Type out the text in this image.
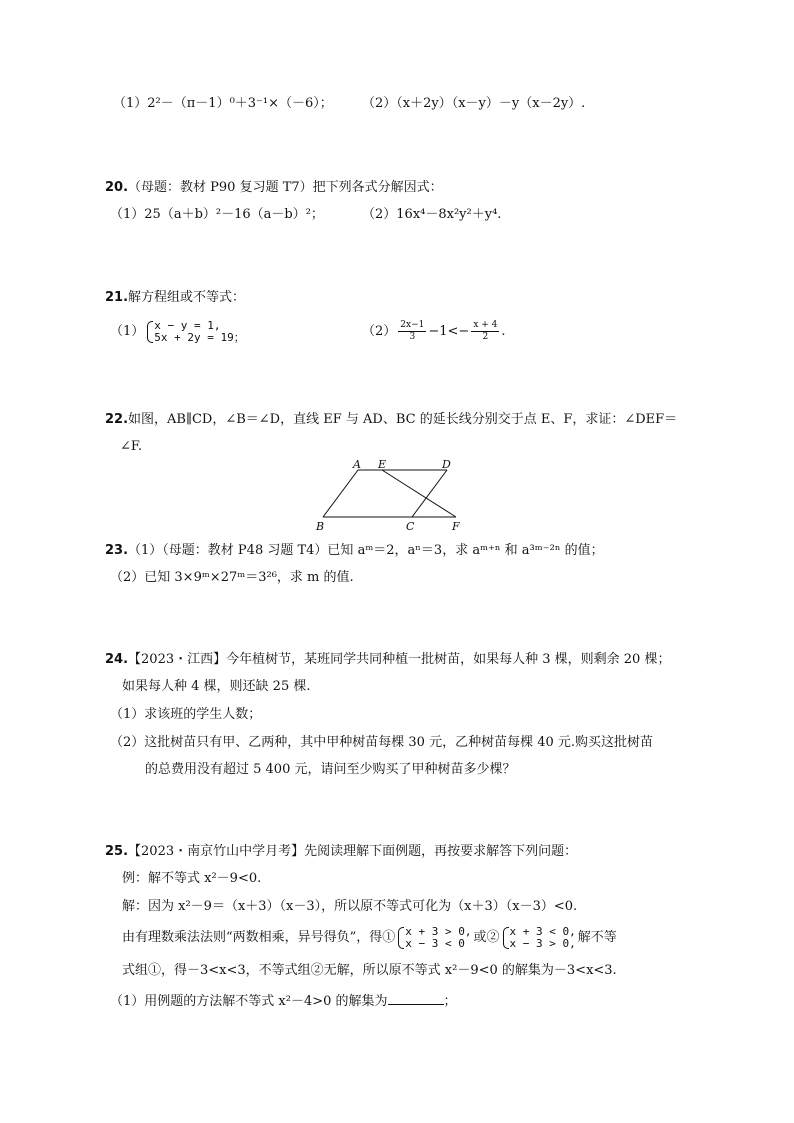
（1）2²－（π－1）⁰＋3⁻¹×（－6）； （2）（x＋2y）（x－y）－y（x－2y）.
20.（母题：教材 P90 复习题 T7）把下列各式分解因式：
（1）25（a＋b）²－16（a－b）²；	（2）16x⁴－8x²y²＋y⁴.
21.解方程组或不等式：
（1） x − y = 1,
5x + 2y = 19；	$(2) \frac{2x-1}{3} -1<- \frac{x + 4}{2}$ .
22.如图，AB∥CD，∠B＝∠D，直线 EF 与 AD、BC 的延长线分别交于点 E、F，求证：∠DEF＝
∠F.
A E	D
B	C	F
23.（1）（母题：教材 P48 习题 T4）已知 aᵐ＝2，aⁿ＝3，求 aᵐ⁺ⁿ 和 a³ᵐ⁻²ⁿ 的值；
（2）已知 3×9ᵐ×27ᵐ＝3²⁶，求 m 的值.
24.【2023・江西】今年植树节，某班同学共同种植一批树苗，如果每人种 3 棵，则剩余 20 棵；
如果每人种 4 棵，则还缺 25 棵.
（1）求该班的学生人数；
（2）这批树苗只有甲、乙两种，其中甲种树苗每棵 30 元，乙种树苗每棵 40 元.购买这批树苗
的总费用没有超过 5 400 元，请问至少购买了甲种树苗多少棵？
25.【2023・南京竹山中学月考】先阅读理解下面例题，再按要求解答下列问题：
例：解不等式 x²－9<0.
解：因为 x²－9＝（x＋3）（x－3），所以原不等式可化为（x＋3）（x－3）<0.
由有理数乘法法则“两数相乘，异号得负”，得① x + 3 > 0,
x − 3 < 0 或② x + 3 < 0,
x − 3 > 0, 解不等
式组①，得－3<x<3，不等式组②无解，所以原不等式 x²－9<0 的解集为－3<x<3.
（1）用例题的方法解不等式 x²－4>0 的解集为	；
